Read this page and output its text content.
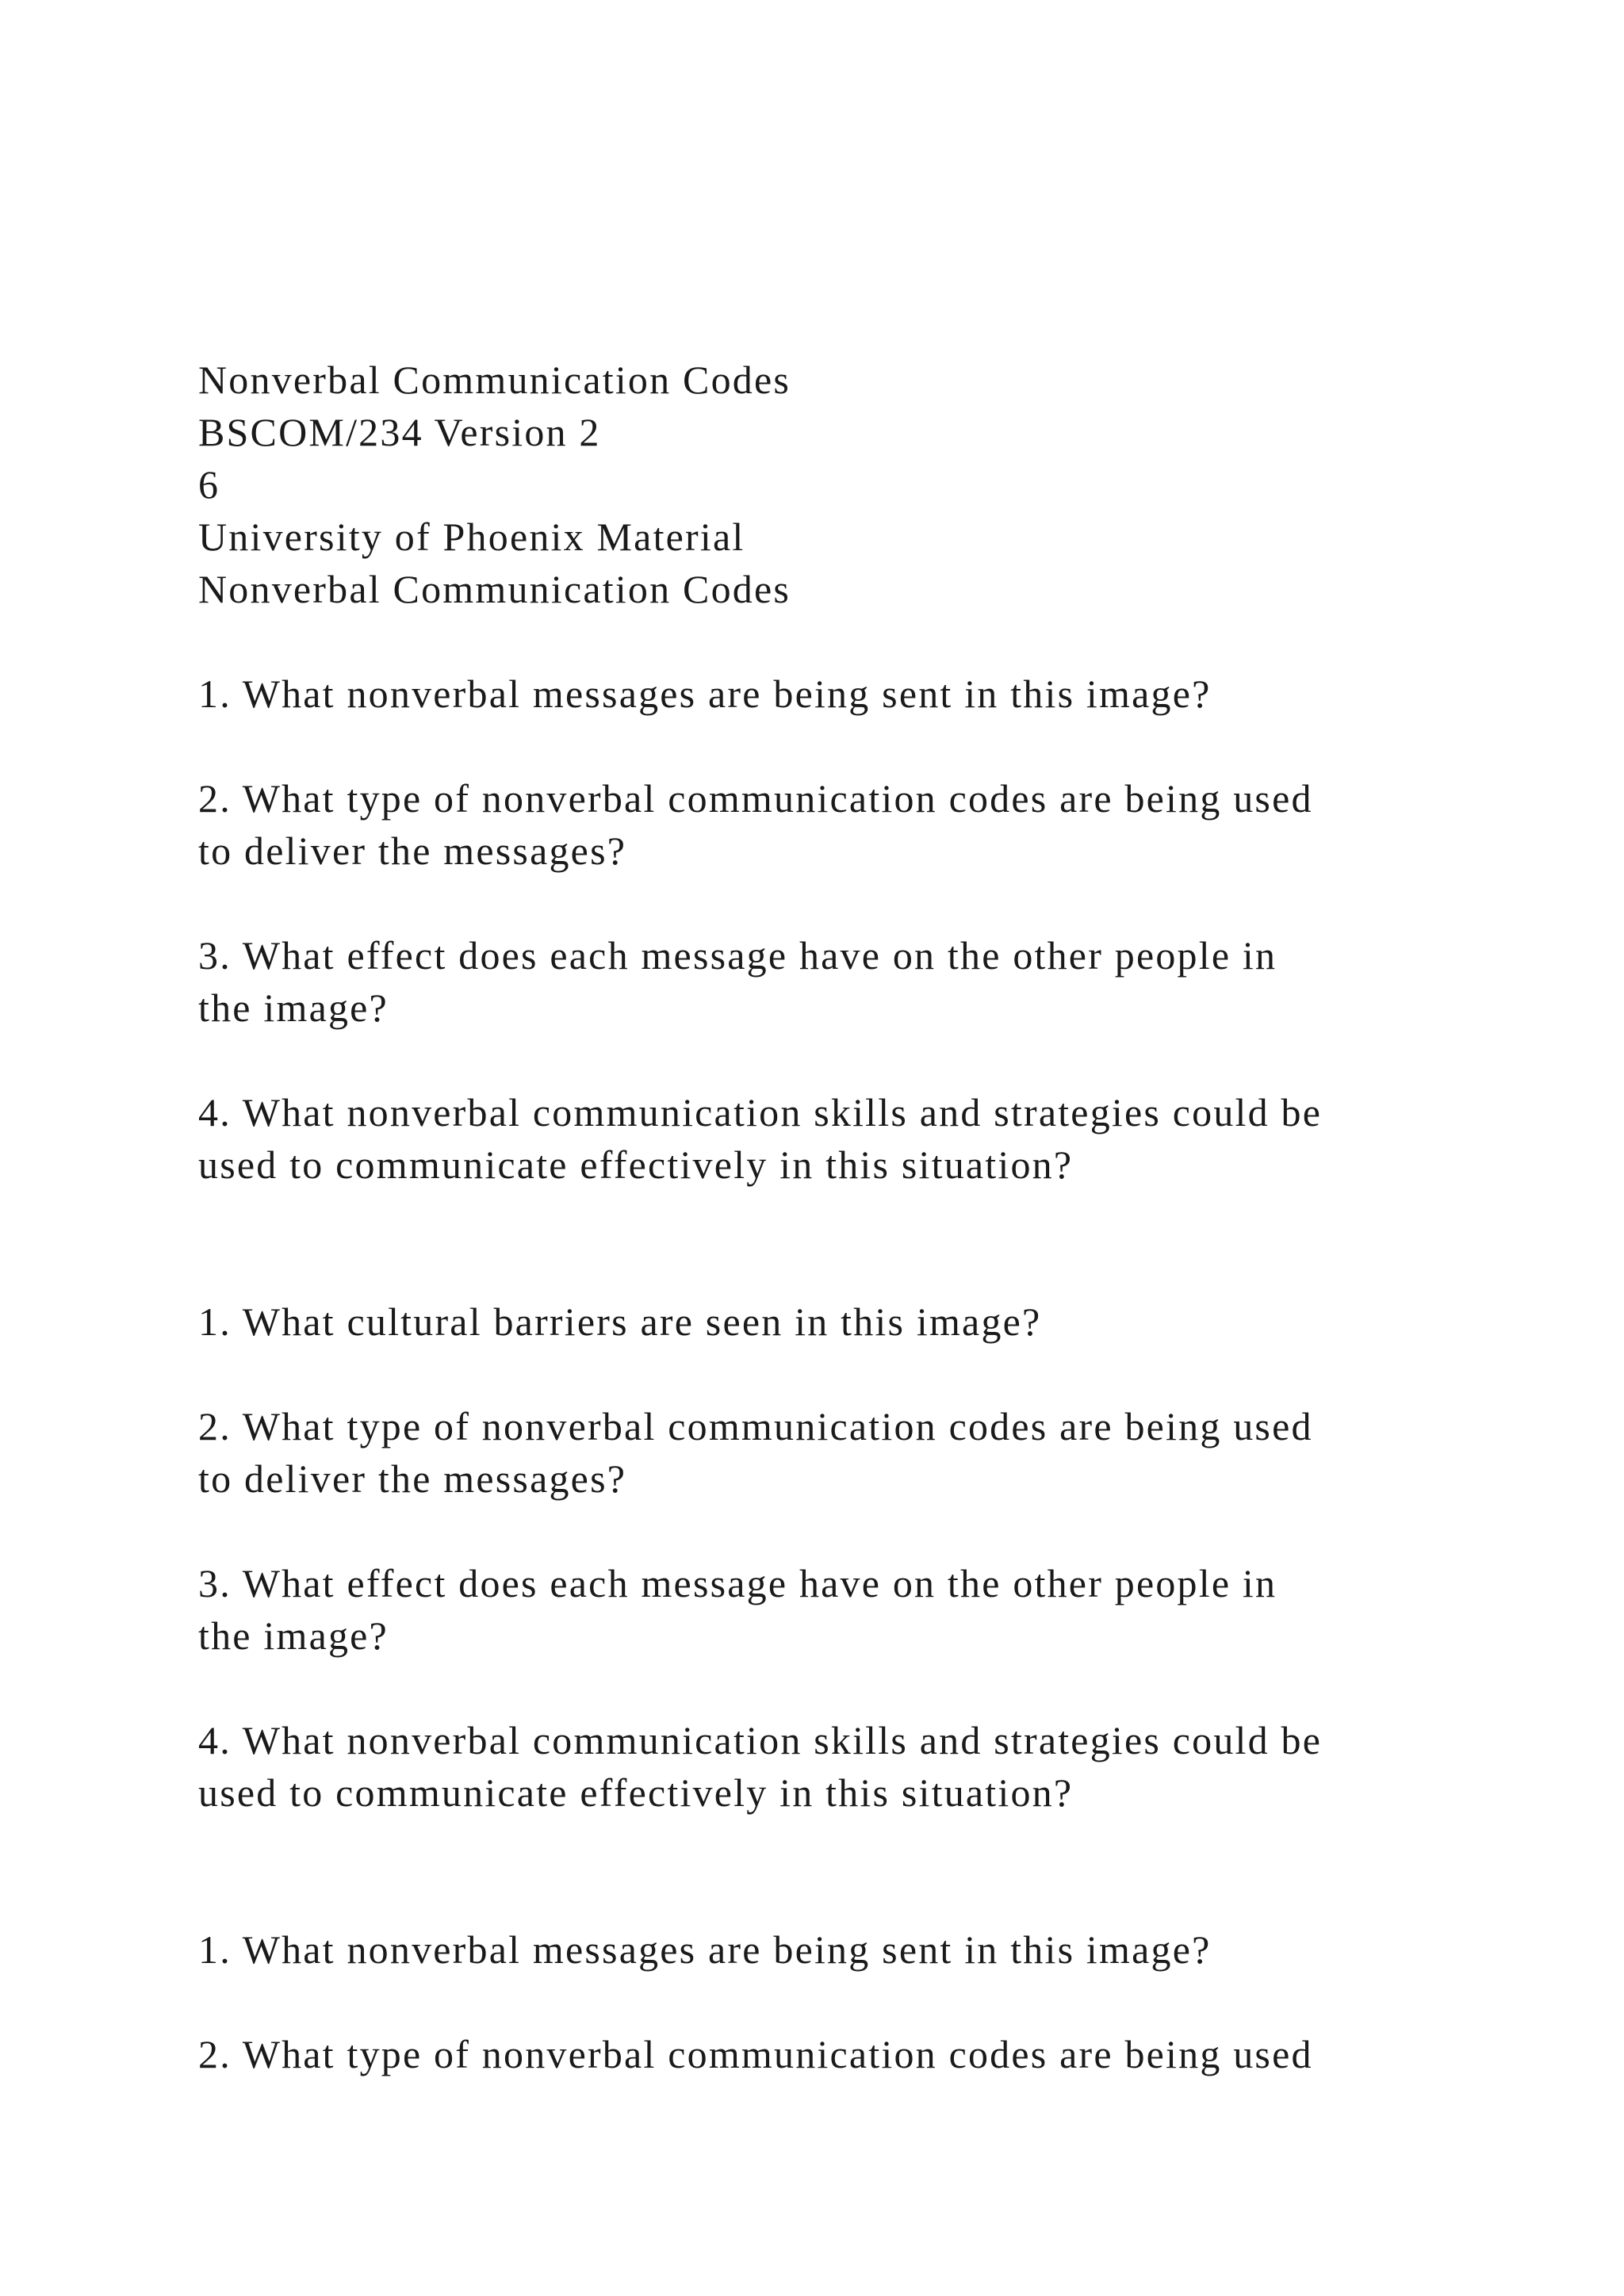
Nonverbal Communication Codes
BSCOM/234 Version 2
6
University of Phoenix Material
Nonverbal Communication Codes
1. What nonverbal messages are being sent in this image?
2. What type of nonverbal communication codes are being used
to deliver the messages?
3. What effect does each message have on the other people in
the image?
4. What nonverbal communication skills and strategies could be
used to communicate effectively in this situation?
1. What cultural barriers are seen in this image?
2. What type of nonverbal communication codes are being used
to deliver the messages?
3. What effect does each message have on the other people in
the image?
4. What nonverbal communication skills and strategies could be
used to communicate effectively in this situation?
1. What nonverbal messages are being sent in this image?
2. What type of nonverbal communication codes are being used
